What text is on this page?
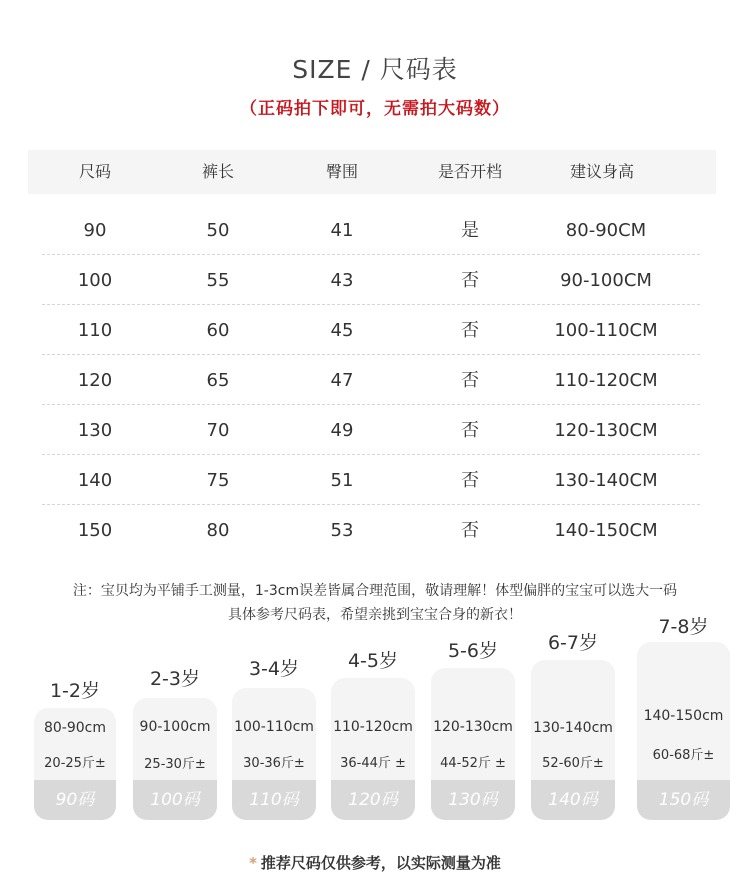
SIZE / 尺码表
（正码拍下即可，无需拍大码数）
尺码	裤长	臀围	是否开档	建议身高
90	50	41	是	80-90CM
100	55	43	否	90-100CM
110	60	45	否	100-110CM
120	65	47	否	110-120CM
130	70	49	否	120-130CM
140	75	51	否	130-140CM
150	80	53	否	140-150CM
注：宝贝均为平铺手工测量，1-3cm误差皆属合理范围，敬请理解！体型偏胖的宝宝可以选大一码
具体参考尺码表，希望亲挑到宝宝合身的新衣！
1-2岁
80-90cm
20-25斤±
90码
2-3岁
90-100cm
25-30斤±
100码
3-4岁
100-110cm
30-36斤±
110码
4-5岁
110-120cm
36-44斤 ±
120码
5-6岁
120-130cm
44-52斤 ±
130码
6-7岁
130-140cm
52-60斤±
140码
7-8岁
140-150cm
60-68斤±
150码
* 推荐尺码仅供参考，以实际测量为准
